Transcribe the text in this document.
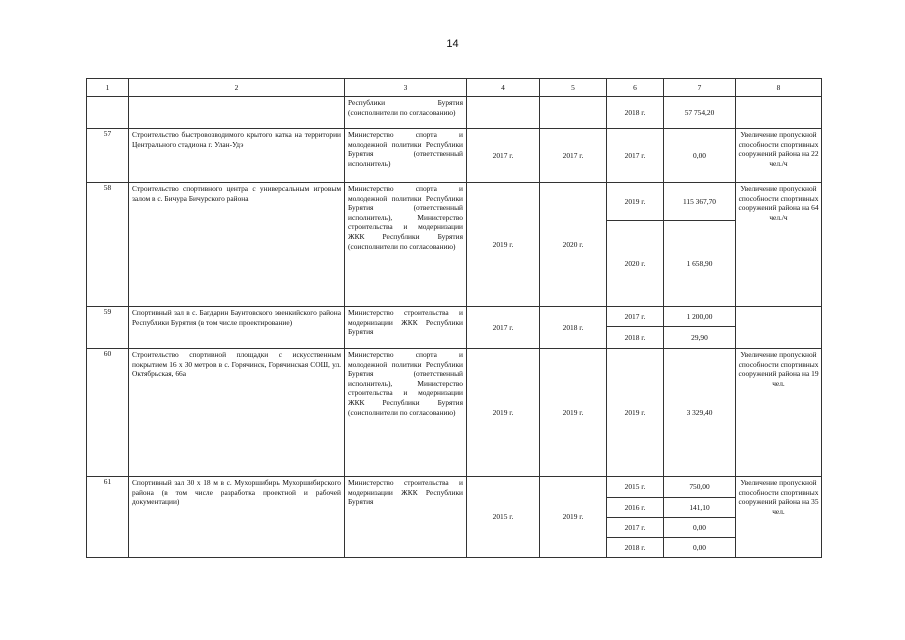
14
1	2	3	4	5	6	7	8
		Республики Бурятия (соисполнители по согласованию)			2018 г.	57 754,20	
57	Строительство быстровозводимого крытого катка на территории Центрального стадиона г. Улан-Удэ	Министерство спорта и молодежной политики Республики Бурятия (ответственный исполнитель)	2017 г.	2017 г.	2017 г.	0,00	Увеличение пропускной способности спортивных сооружений района на 22 чел./ч
58	Строительство спортивного центра с универсальным игровым залом в с. Бичура Бичурского района	Министерство спорта и молодежной политики Республики Бурятия (ответственный исполнитель), Министерство строительства и модернизации ЖКК Республики Бурятия (соисполнители по согласованию)	2019 г.	2020 г.	2019 г.	115 367,70	Увеличение пропускной способности спортивных сооружений района на 64 чел./ч
					2020 г.	1 658,90	
59	Спортивный зал в с. Багдарин Баунтовского эвенкийского района Республики Бурятия (в том числе проектирование)	Министерство строительства и модернизации ЖКК Республики Бурятия	2017 г.	2018 г.	2017 г.	1 200,00	
					2018 г.	29,90	
60	Строительство спортивной площадки с искусственным покрытием 16 х 30 метров в с. Горячинск, Горячинская СОШ, ул. Октябрьская, 66а	Министерство спорта и молодежной политики Республики Бурятия (ответственный исполнитель), Министерство строительства и модернизации ЖКК Республики Бурятия (соисполнители по согласованию)	2019 г.	2019 г.	2019 г.	3 329,40	Увеличение пропускной способности спортивных сооружений района на 19 чел.
61	Спортивный зал 30 х 18 м в с. Мухоршибирь Мухоршибирского района (в том числе разработка проектной и рабочей документации)	Министерство строительства и модернизации ЖКК Республики Бурятия	2015 г.	2019 г.	2015 г.	750,00	Увеличение пропускной способности спортивных сооружений района на 35 чел.
					2016 г.	141,10	
					2017 г.	0,00	
					2018 г.	0,00	
